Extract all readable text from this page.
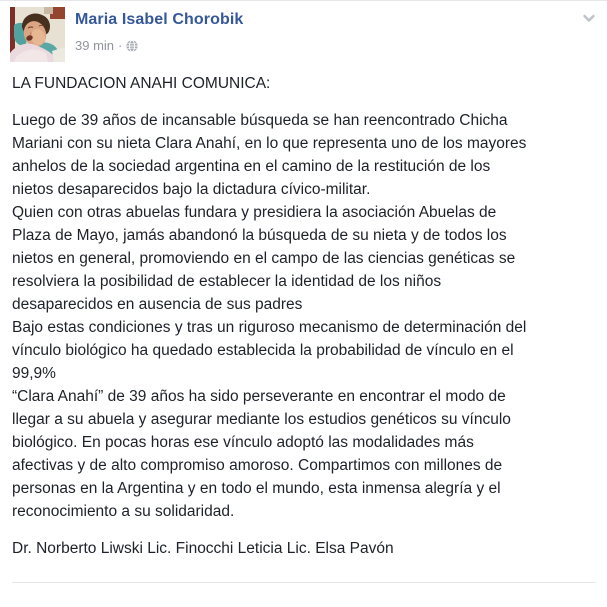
Maria Isabel Chorobik
39 min ·

LA FUNDACION ANAHI COMUNICA:

Luego de 39 años de incansable búsqueda se han reencontrado Chicha
Mariani con su nieta Clara Anahí, en lo que representa uno de los mayores
anhelos de la sociedad argentina en el camino de la restitución de los
nietos desaparecidos bajo la dictadura cívico-militar.
Quien con otras abuelas fundara y presidiera la asociación Abuelas de
Plaza de Mayo, jamás abandonó la búsqueda de su nieta y de todos los
nietos en general, promoviendo en el campo de las ciencias genéticas se
resolviera la posibilidad de establecer la identidad de los niños
desaparecidos en ausencia de sus padres
Bajo estas condiciones y tras un riguroso mecanismo de determinación del
vínculo biológico ha quedado establecida la probabilidad de vínculo en el
99,9%
“Clara Anahí” de 39 años ha sido perseverante en encontrar el modo de
llegar a su abuela y asegurar mediante los estudios genéticos su vínculo
biológico. En pocas horas ese vínculo adoptó las modalidades más
afectivas y de alto compromiso amoroso. Compartimos con millones de
personas en la Argentina y en todo el mundo, esta inmensa alegría y el
reconocimiento a su solidaridad.

Dr. Norberto Liwski Lic. Finocchi Leticia Lic. Elsa Pavón
